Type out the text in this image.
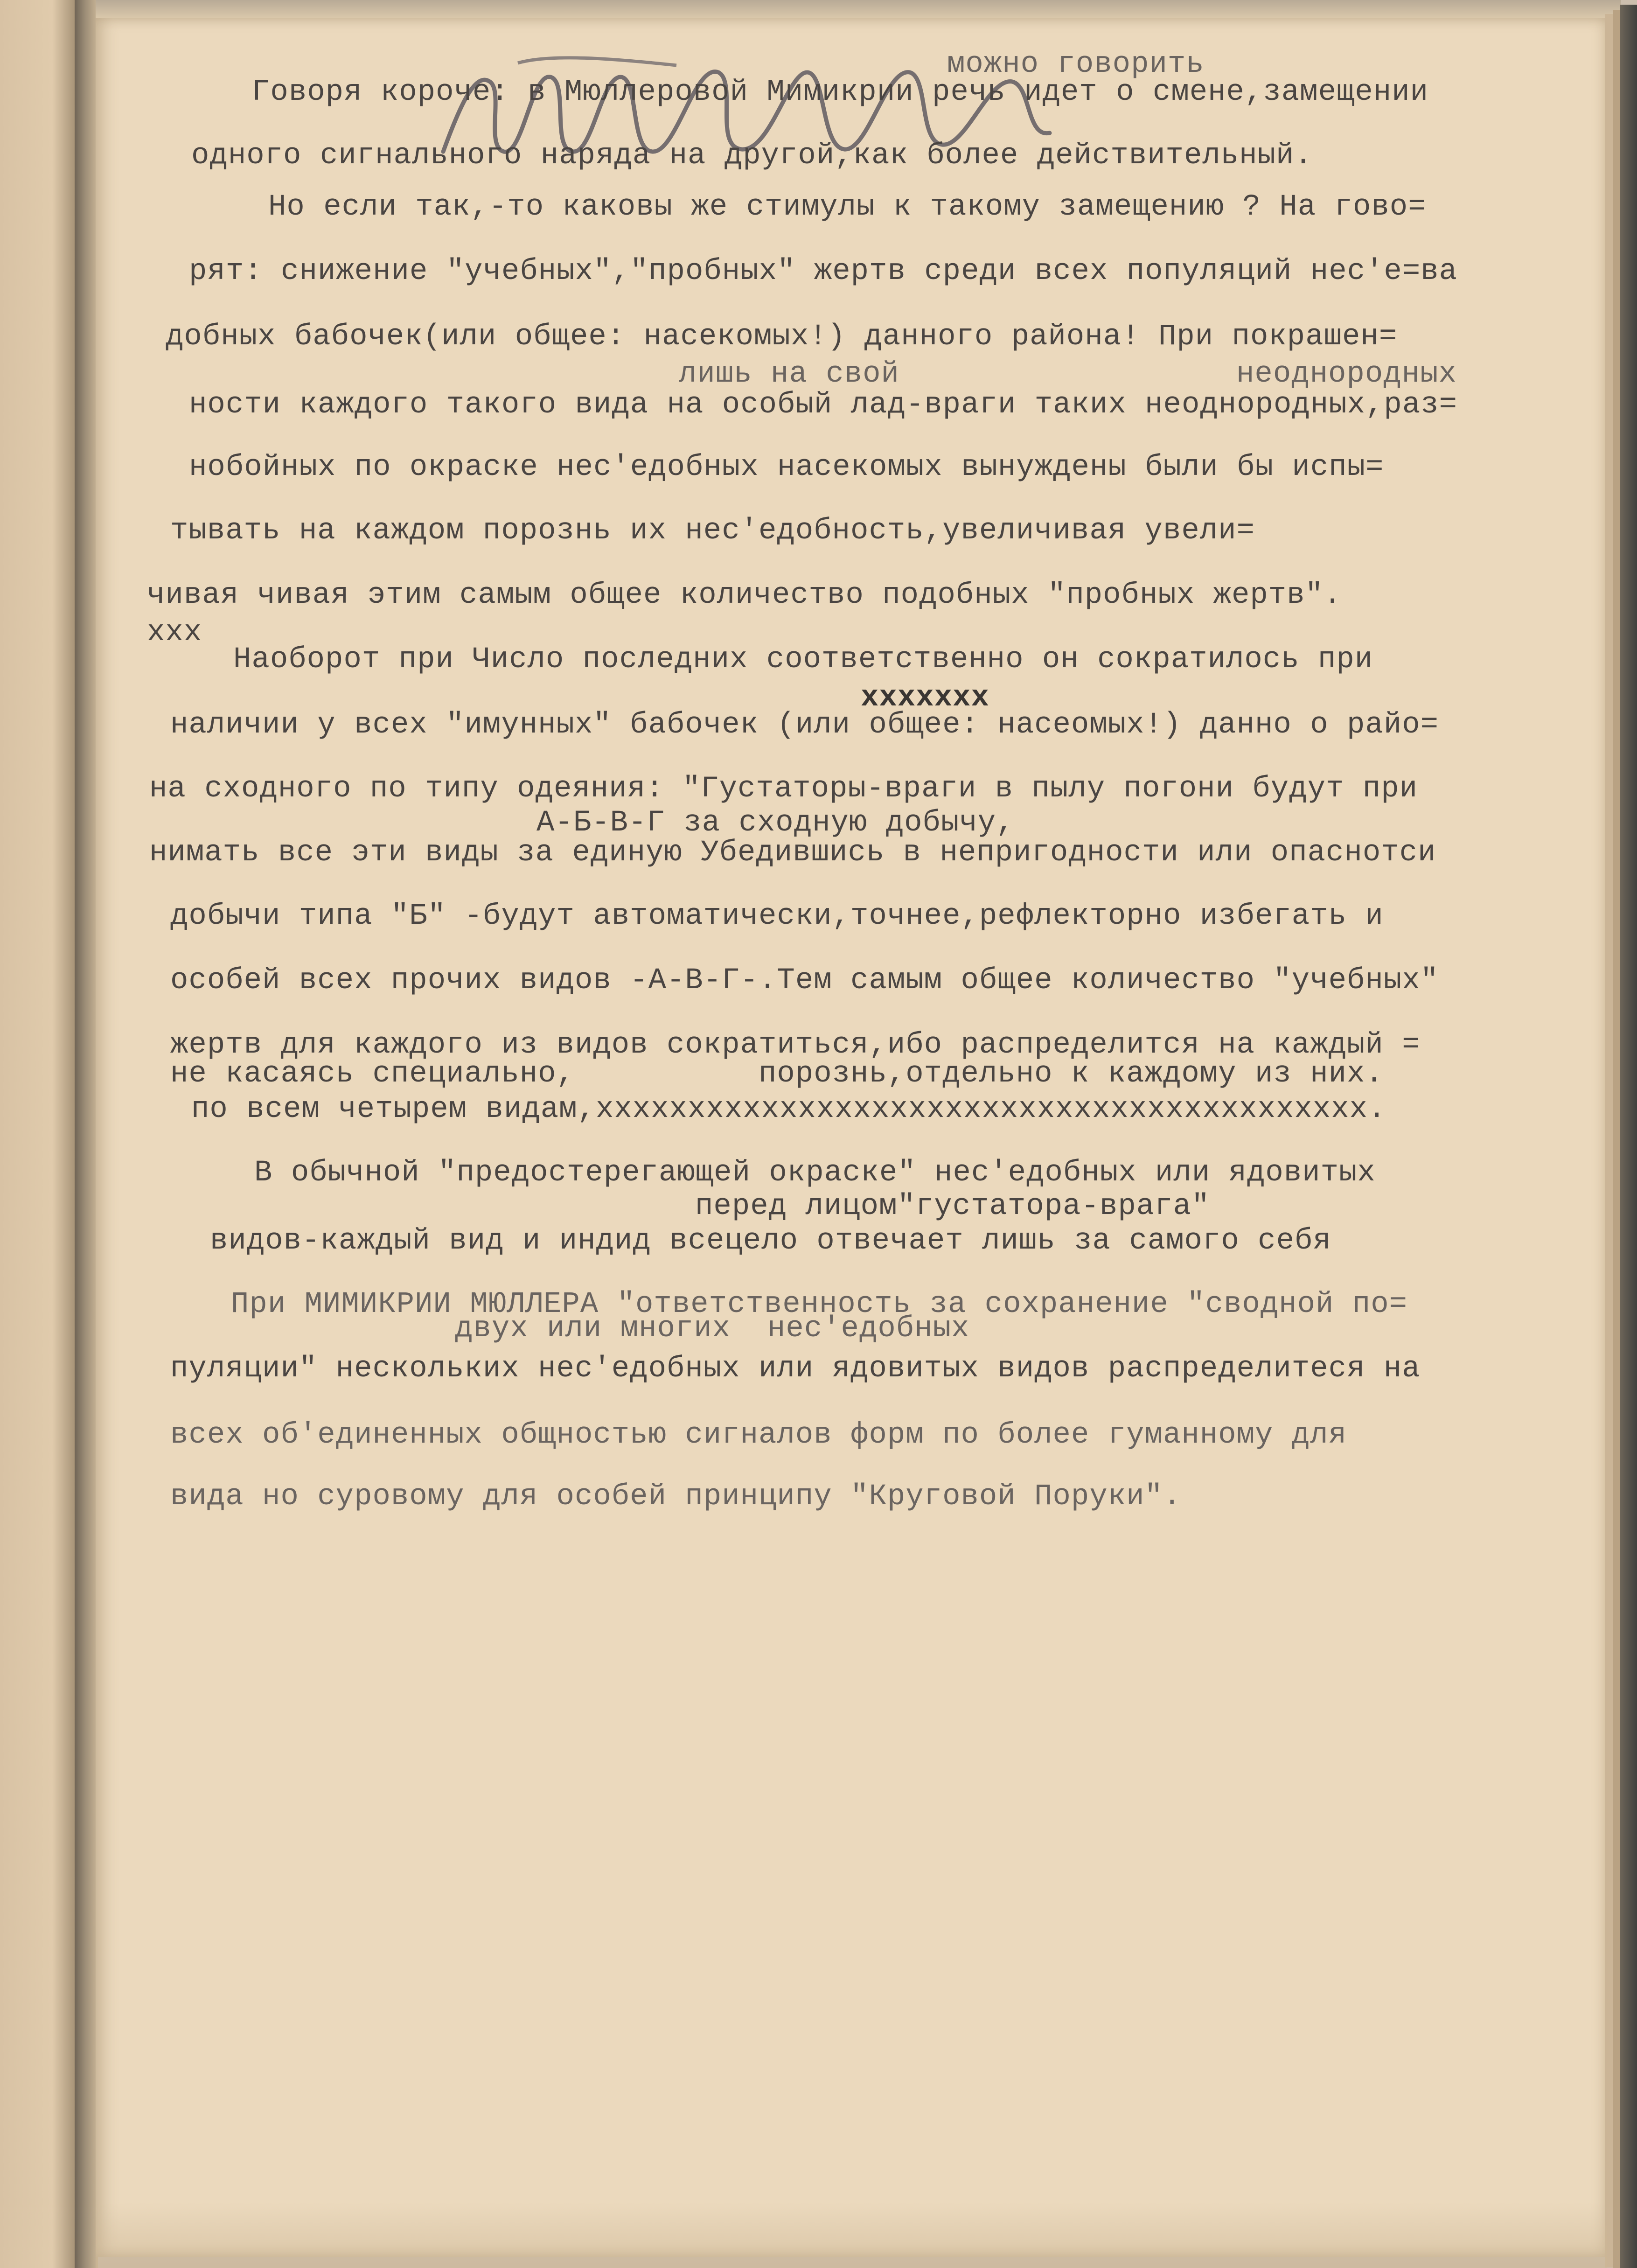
можно говорить

Говоря короче: в Мюллеровой Мимикрии речь идет о смене,замещении

одного сигнального наряда на другой,как более действительный.

Но если так,-то каковы же стимулы к такому замещению ? На гово=

рят: снижение "учебных","пробных" жертв среди всех популяций нес'е=ва

добных бабочек(или общее: насекомых!) данного района! При покрашен=

лишь на свой	неоднородных

ности каждого такого вида на особый лад-враги таких неоднородных,раз=

нобойных по окраске нес'едобных насекомых вынуждены были бы испы=

тывать на каждом порознь их нес'едобность,увеличивая увели=

чивая чивая этим самым общее количество подобных "пробных жертв".

ххх

Наоборот при Число последних соответственно он сократилось при

ххххххх

наличии у всех "имунных" бабочек (или общее: насеомых!) данно о райо=

на сходного по типу одеяния: "Густаторы-враги в пылу погони будут при

А-Б-В-Г за сходную добычу,

нимать все эти виды за единую Убедившись в непригодности или опаснотси

добычи типа "Б" -будут автоматически,точнее,рефлекторно избегать и

особей всех прочих видов -А-В-Г-.Тем самым общее количество "учебных"

жертв для каждого из видов сократиться,ибо распределится на каждый =

не касаясь специально,          порознь,отдельно к каждому из них.

по всем четырем видам,хххххххххххххххххххххххххххххххххххххххххх.

В обычной "предостерегающей окраске" нес'едобных или ядовитых

перед лицом"густатора-врага"

видов-каждый вид и индид всецело отвечает лишь за самого себя

При МИМИКРИИ МЮЛЛЕРА "ответственность за сохранение "сводной по=

двух или многих  нес'едобных

пуляции" нескольких нес'едобных или ядовитых видов распределитеся на

всех об'единенных общностью сигналов форм по более гуманному для

вида но суровому для особей принципу "Круговой Поруки".
